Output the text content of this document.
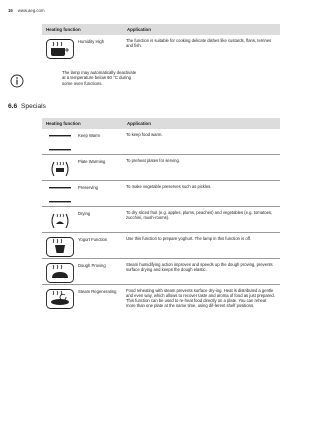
16 www.aeg.com
Heating function	Application

Humidity High	The function is suitable for cooking delicate dishes like custards, flans, terrines and fish.
The lamp may automatically deactivate at a temperature below 60 °C during some oven functions.
6.6 Specials
Heating function	Application

Keep Warm	To keep food warm.

Plate Warming	To preheat plates for serving.

Preserving	To make vegetable preserves such as pickles.

Drying	To dry sliced fruit (e.g. apples, plums, peaches) and vegetables (e.g. tomatoes, zucchini, mush-rooms).

Yogurt Function	Use this function to prepare yoghurt. The lamp in this function is off.

Dough Proving	Steam humidifying action improves and speeds up the dough proving, prevents surface drying and keeps the dough elastic.

Steam Regenerating	Food reheating with steam prevents surface dry-ing. Heat is distributed a gentle and even way, which allows to recover taste and aroma of food as just prepared. This function can be used to re-heat food directly on a plate. You can reheat more than one plate at the same time, using dif-ferent shelf positions.
